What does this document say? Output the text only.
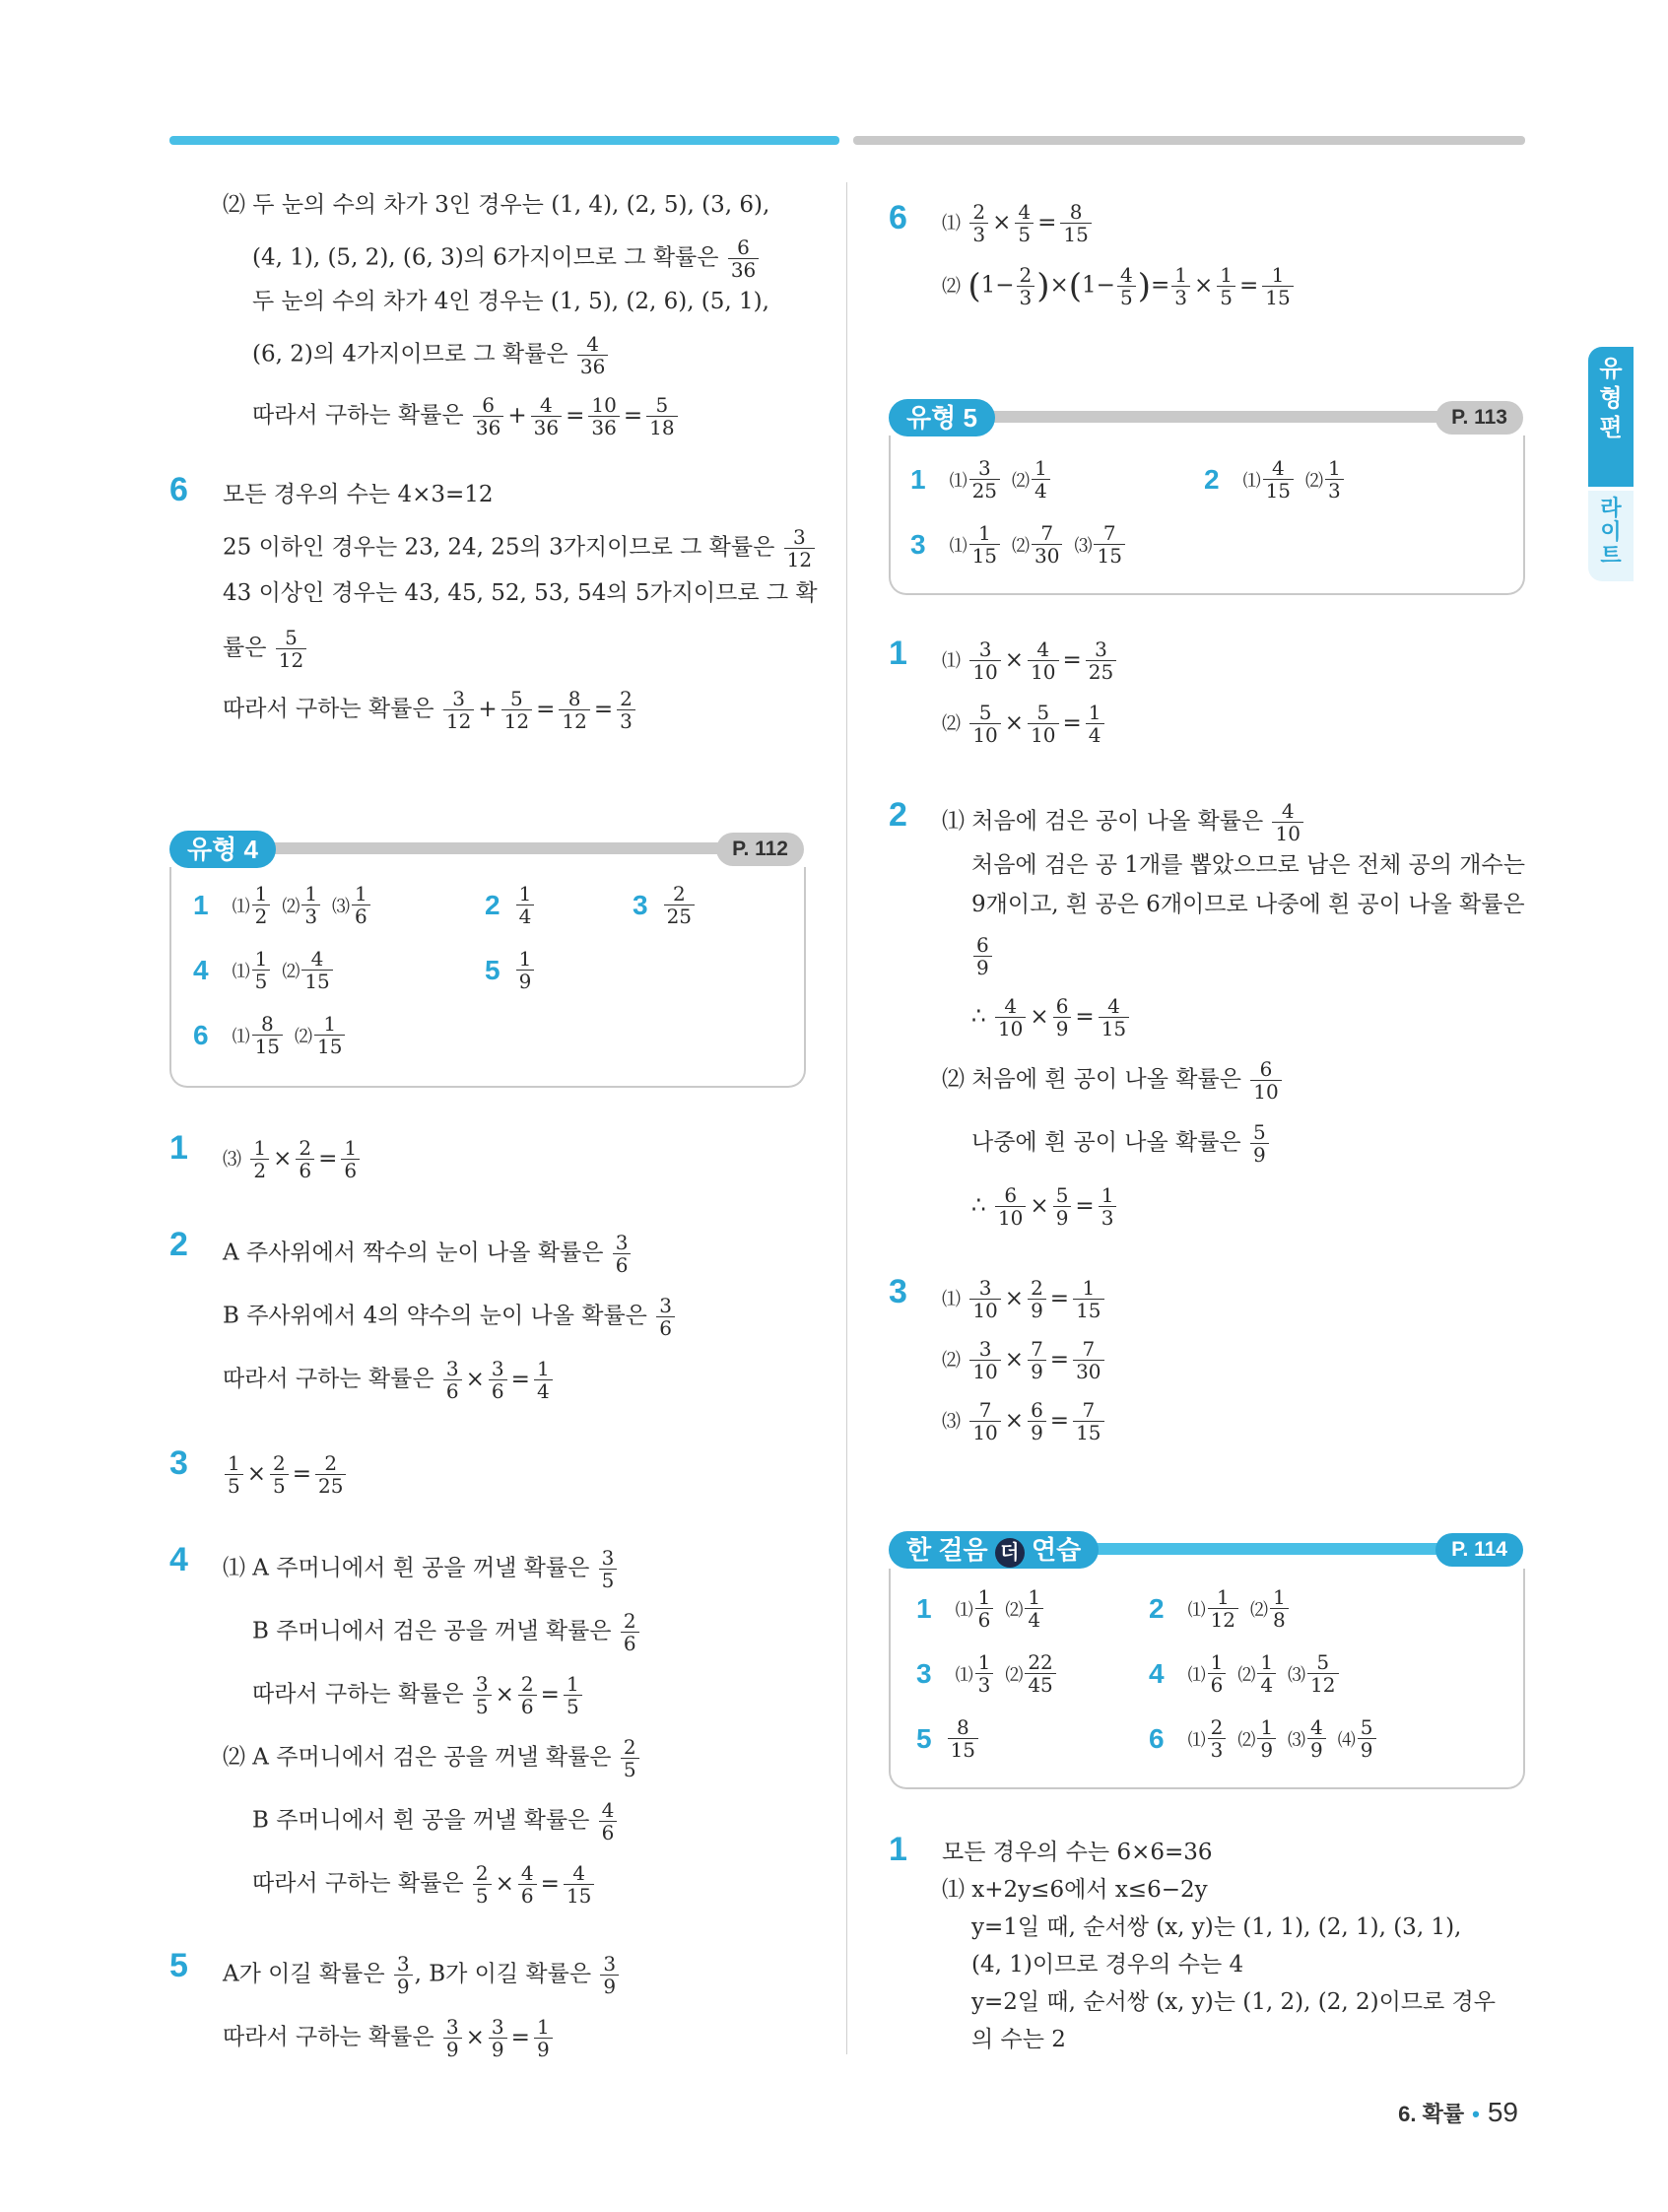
⑵ 두 눈의 수의 차가 3인 경우는 (1, 4), (2, 5), (3, 6),
(4, 1), (5, 2), (6, 3)의 6가지이므로 그 확률은 $\frac{6}{36}$
두 눈의 수의 차가 4인 경우는 (1, 5), (2, 6), (5, 1),
(6, 2)의 4가지이므로 그 확률은 $\frac{4}{36}$
따라서 구하는 확률은 $\frac{6}{36} + \frac{4}{36} = \frac{10}{36} = \frac{5}{18}$
6 모든 경우의 수는 4×3=12
25 이하인 경우는 23, 24, 25의 3가지이므로 그 확률은 $\frac{3}{12}$
43 이상인 경우는 43, 45, 52, 53, 54의 5가지이므로 그 확
률은 $\frac{5}{12}$
따라서 구하는 확률은 $\frac{3}{12} + \frac{5}{12} = \frac{8}{12} = \frac{2}{3}$
유형 4	P. 112
1 ⑴ $\frac{1}{2}$ ⑵ $\frac{1}{3}$ ⑶ $\frac{1}{6}$	$2 \frac{1}{4}$	$3 \frac{2}{25}$
4 ⑴ $\frac{1}{5}$ ⑵ $\frac{4}{15}$	$5 \frac{1}{9}$
6 ⑴ $\frac{8}{15}$ ⑵ $\frac{1}{15}$
1 ⑶ $\frac{1}{2} \times \frac{2}{6} = \frac{1}{6}$
2 A 주사위에서 짝수의 눈이 나올 확률은 $\frac{3}{6}$
B 주사위에서 4의 약수의 눈이 나올 확률은 $\frac{3}{6}$
따라서 구하는 확률은 $\frac{3}{6} \times \frac{3}{6} = \frac{1}{4}$
$3 \frac{1}{5} \times \frac{2}{5} = \frac{2}{25}$
4 ⑴ A 주머니에서 흰 공을 꺼낼 확률은 $\frac{3}{5}$
B 주머니에서 검은 공을 꺼낼 확률은 $\frac{2}{6}$
따라서 구하는 확률은 $\frac{3}{5} \times \frac{2}{6} = \frac{1}{5}$
⑵ A 주머니에서 검은 공을 꺼낼 확률은 $\frac{2}{5}$
B 주머니에서 흰 공을 꺼낼 확률은 $\frac{4}{6}$
따라서 구하는 확률은 $\frac{2}{5} \times \frac{4}{6} = \frac{4}{15}$
5 A가 이길 확률은 $\frac{3}{9}$ , B가 이길 확률은 $\frac{3}{9}$
따라서 구하는 확률은 $\frac{3}{9} \times \frac{3}{9} = \frac{1}{9}$
6 ⑴ $\frac{2}{3} \times \frac{4}{5} = \frac{8}{15}$
⑵ $(1- \frac{2}{3} )\times(1- \frac{4}{5}$ )= $\frac{1}{3} \times \frac{1}{5} = \frac{1}{15}$
유형 5	P. 113
1 ⑴ $\frac{3}{25}$ ⑵ $\frac{1}{4}$	2 ⑴ $\frac{4}{15}$ ⑵ $\frac{1}{3}$
3 ⑴ $\frac{1}{15}$ ⑵ $\frac{7}{30}$ ⑶ $\frac{7}{15}$
1 ⑴ $\frac{3}{10} \times \frac{4}{10} = \frac{3}{25}$
⑵ $\frac{5}{10} \times \frac{5}{10} = \frac{1}{4}$
2 ⑴ 처음에 검은 공이 나올 확률은 $\frac{4}{10}$
처음에 검은 공 1개를 뽑았으므로 남은 전체 공의 개수는
9개이고, 흰 공은 6개이므로 나중에 흰 공이 나올 확률은
$\frac{6}{9}$
∴ $\frac{4}{10} \times \frac{6}{9} = \frac{4}{15}$
⑵ 처음에 흰 공이 나올 확률은 $\frac{6}{10}$
나중에 흰 공이 나올 확률은 $\frac{5}{9}$
∴ $\frac{6}{10} \times \frac{5}{9} = \frac{1}{3}$
3 ⑴ $\frac{3}{10} \times \frac{2}{9} = \frac{1}{15}$
⑵ $\frac{3}{10} \times \frac{7}{9} = \frac{7}{30}$
⑶ $\frac{7}{10} \times \frac{6}{9} = \frac{7}{15}$
한 걸음 더 연습	P. 114
1 ⑴ $\frac{1}{6}$ ⑵ $\frac{1}{4}$	2 ⑴ $\frac{1}{12}$ ⑵ $\frac{1}{8}$
3 ⑴ $\frac{1}{3}$ ⑵ $\frac{22}{45}$	4 ⑴ $\frac{1}{6}$ ⑵ $\frac{1}{4}$ ⑶ $\frac{5}{12}$
$5 \frac{8}{15}$	6 ⑴ $\frac{2}{3}$ ⑵ $\frac{1}{9}$ ⑶ $\frac{4}{9}$ ⑷ $\frac{5}{9}$
1 모든 경우의 수는 6×6=36
⑴ x+2y≤6에서 x≤6−2y
y=1일 때, 순서쌍 (x, y)는 (1, 1), (2, 1), (3, 1),
(4, 1)이므로 경우의 수는 4
y=2일 때, 순서쌍 (x, y)는 (1, 2), (2, 2)이므로 경우
의 수는 2
유형편
라이트
6. 확률 • 59
